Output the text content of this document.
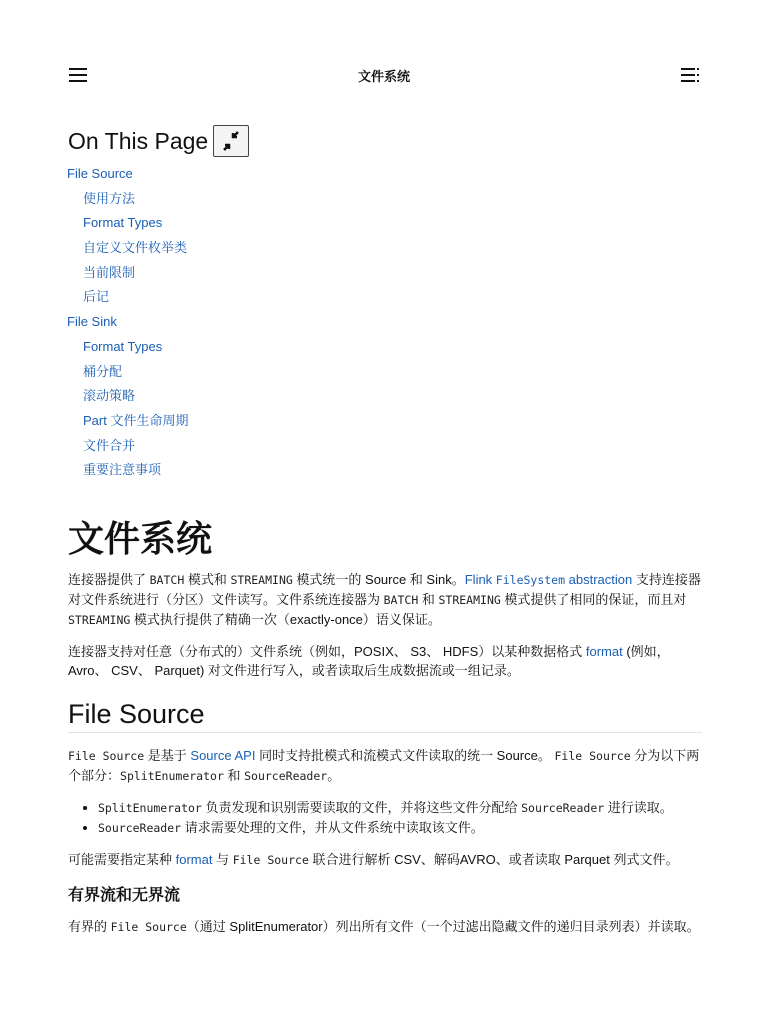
文件系统
On This Page
File Source
使用方法
Format Types
自定义文件枚举类
当前限制
后记
File Sink
Format Types
桶分配
滚动策略
Part 文件生命周期
文件合并
重要注意事项
文件系统

连接器提供了 BATCH 模式和 STREAMING 模式统一的 Source 和 Sink。Flink FileSystem abstraction 支持连接器对文件系统进行（分区）文件读写。文件系统连接器为 BATCH 和 STREAMING 模式提供了相同的保证，而且对 STREAMING 模式执行提供了精确一次（exactly-once）语义保证。

连接器支持对任意（分布式的）文件系统（例如，POSIX、 S3、 HDFS）以某种数据格式 format (例如，Avro、 CSV、 Parquet) 对文件进行写入，或者读取后生成数据流或一组记录。

File Source

File Source 是基于 Source API 同时支持批模式和流模式文件读取的统一 Source。 File Source 分为以下两个部分：SplitEnumerator 和 SourceReader。

• SplitEnumerator 负责发现和识别需要读取的文件，并将这些文件分配给 SourceReader 进行读取。
• SourceReader 请求需要处理的文件，并从文件系统中读取该文件。

可能需要指定某种 format 与 File Source 联合进行解析 CSV、解码AVRO、或者读取 Parquet 列式文件。

有界流和无界流

有界的 File Source（通过 SplitEnumerator）列出所有文件（一个过滤出隐藏文件的递归目录列表）并读取。
